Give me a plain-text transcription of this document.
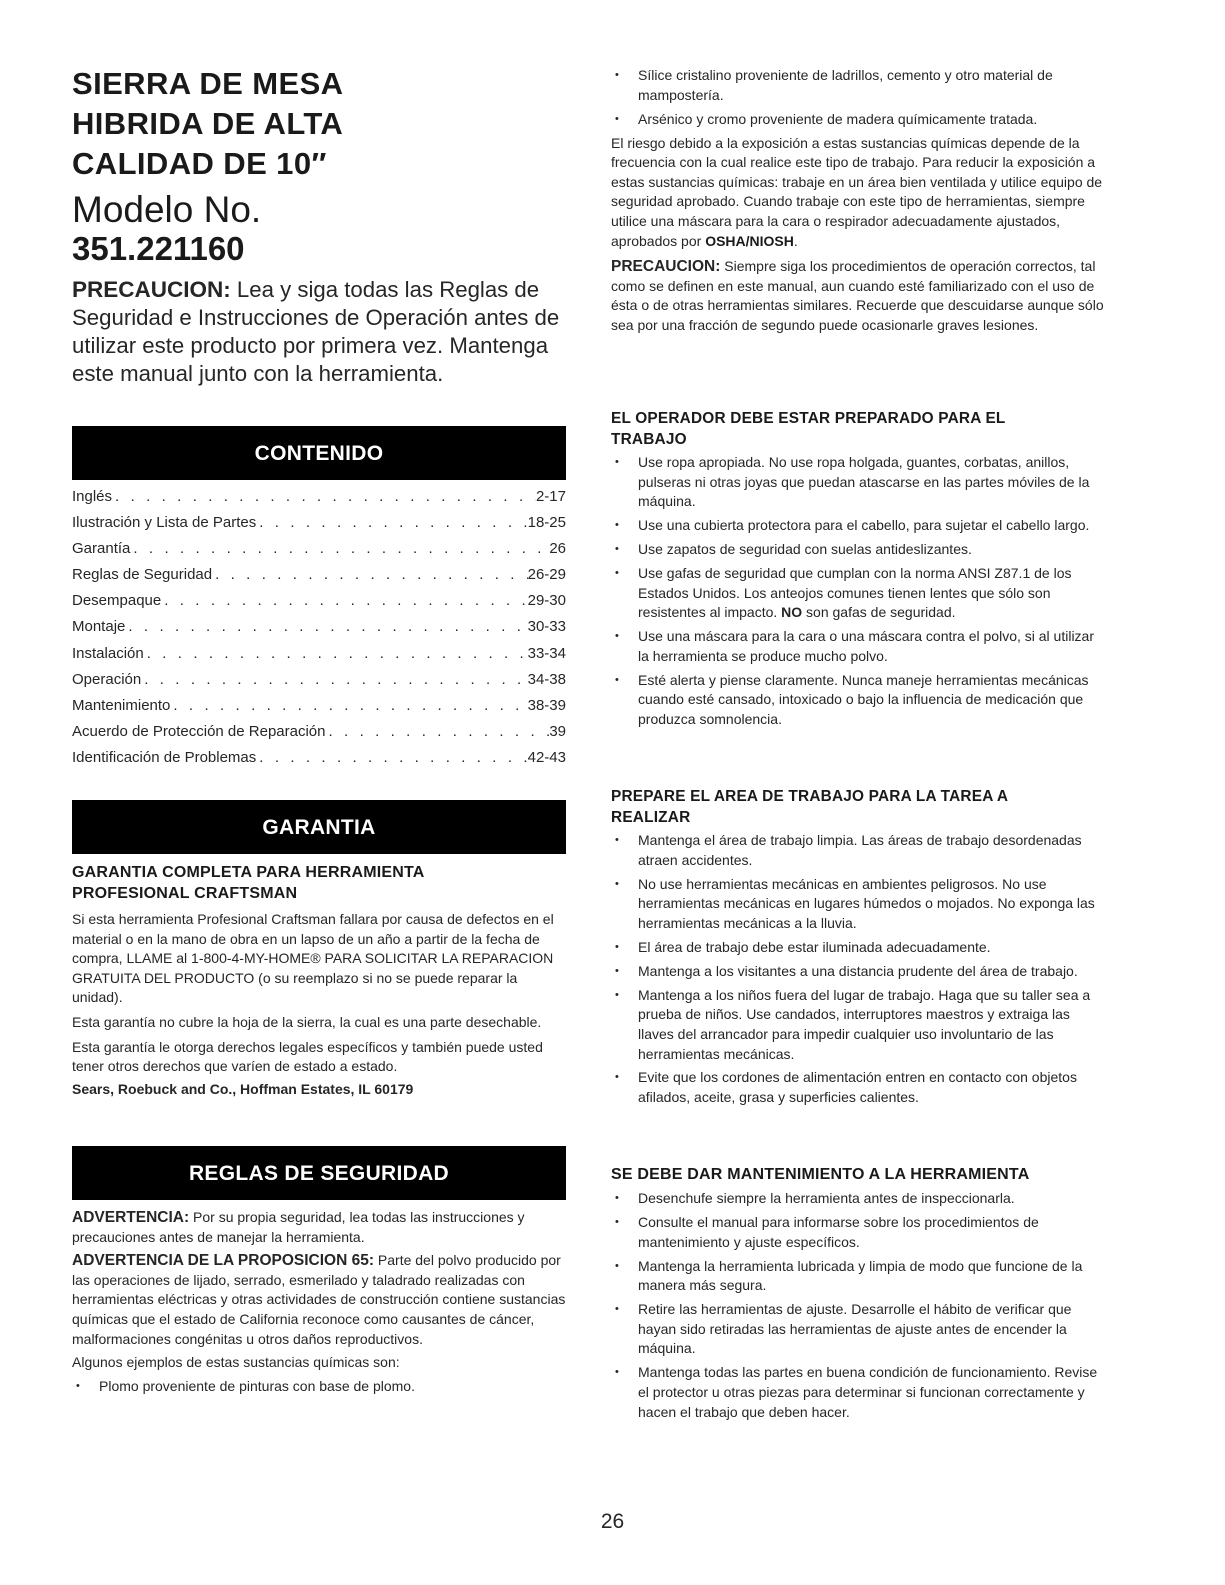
SIERRA DE MESA
HIBRIDA DE ALTA
CALIDAD DE 10″

Modelo No.

351.221160

PRECAUCION: Lea y siga todas las Reglas de Seguridad e Instrucciones de Operación antes de utilizar este producto por primera vez. Mantenga este manual junto con la herramienta.

CONTENIDO
Inglés . . .	2-17
Ilustración y Lista de Partes . . .	18-25
Garantía . . .	26
Reglas de Seguridad . . .	26-29
Desempaque . . .	29-30
Montaje . . .	30-33
Instalación . . .	33-34
Operación . . .	34-38
Mantenimiento . . .	38-39
Acuerdo de Protección de Reparación . . .	39
Identificación de Problemas . . .	42-43
GARANTIA
GARANTIA COMPLETA PARA HERRAMIENTA PROFESIONAL CRAFTSMAN

Si esta herramienta Profesional Craftsman fallara por causa de defectos en el material o en la mano de obra en un lapso de un año a partir de la fecha de compra, LLAME al 1-800-4-MY-HOME® PARA SOLICITAR LA REPARACION GRATUITA DEL PRODUCTO (o su reemplazo si no se puede reparar la unidad).

Esta garantía no cubre la hoja de la sierra, la cual es una parte desechable.

Esta garantía le otorga derechos legales específicos y también puede usted tener otros derechos que varíen de estado a estado.

Sears, Roebuck and Co., Hoffman Estates, IL 60179

REGLAS DE SEGURIDAD

ADVERTENCIA: Por su propia seguridad, lea todas las instrucciones y precauciones antes de manejar la herramienta.

ADVERTENCIA DE LA PROPOSICION 65: Parte del polvo producido por las operaciones de lijado, serrado, esmerilado y taladrado realizadas con herramientas eléctricas y otras actividades de construcción contiene sustancias químicas que el estado de California reconoce como causantes de cáncer, malformaciones congénitas u otros daños reproductivos.

Algunos ejemplos de estas sustancias químicas son:

• Plomo proveniente de pinturas con base de plomo.
• Sílice cristalino proveniente de ladrillos, cemento y otro material de mampostería.
• Arsénico y cromo proveniente de madera químicamente tratada.

El riesgo debido a la exposición a estas sustancias químicas depende de la frecuencia con la cual realice este tipo de trabajo. Para reducir la exposición a estas sustancias químicas: trabaje en un área bien ventilada y utilice equipo de seguridad aprobado. Cuando trabaje con este tipo de herramientas, siempre utilice una máscara para la cara o respirador adecuadamente ajustados, aprobados por OSHA/NIOSH.

PRECAUCION: Siempre siga los procedimientos de operación correctos, tal como se definen en este manual, aun cuando esté familiarizado con el uso de ésta o de otras herramientas similares. Recuerde que descuidarse aunque sólo sea por una fracción de segundo puede ocasionarle graves lesiones.

EL OPERADOR DEBE ESTAR PREPARADO PARA EL TRABAJO
• Use ropa apropiada. No use ropa holgada, guantes, corbatas, anillos, pulseras ni otras joyas que puedan atascarse en las partes móviles de la máquina.
• Use una cubierta protectora para el cabello, para sujetar el cabello largo.
• Use zapatos de seguridad con suelas antideslizantes.
• Use gafas de seguridad que cumplan con la norma ANSI Z87.1 de los Estados Unidos. Los anteojos comunes tienen lentes que sólo son resistentes al impacto. NO son gafas de seguridad.
• Use una máscara para la cara o una máscara contra el polvo, si al utilizar la herramienta se produce mucho polvo.
• Esté alerta y piense claramente. Nunca maneje herramientas mecánicas cuando esté cansado, intoxicado o bajo la influencia de medicación que produzca somnolencia.
PREPARE EL AREA DE TRABAJO PARA LA TAREA A REALIZAR
• Mantenga el área de trabajo limpia. Las áreas de trabajo desordenadas atraen accidentes.
• No use herramientas mecánicas en ambientes peligrosos. No use herramientas mecánicas en lugares húmedos o mojados. No exponga las herramientas mecánicas a la lluvia.
• El área de trabajo debe estar iluminada adecuadamente.
• Mantenga a los visitantes a una distancia prudente del área de trabajo.
• Mantenga a los niños fuera del lugar de trabajo. Haga que su taller sea a prueba de niños. Use candados, interruptores maestros y extraiga las llaves del arrancador para impedir cualquier uso involuntario de las herramientas mecánicas.
• Evite que los cordones de alimentación entren en contacto con objetos afilados, aceite, grasa y superficies calientes.
SE DEBE DAR MANTENIMIENTO A LA HERRAMIENTA
• Desenchufe siempre la herramienta antes de inspeccionarla.
• Consulte el manual para informarse sobre los procedimientos de mantenimiento y ajuste específicos.
• Mantenga la herramienta lubricada y limpia de modo que funcione de la manera más segura.
• Retire las herramientas de ajuste. Desarrolle el hábito de verificar que hayan sido retiradas las herramientas de ajuste antes de encender la máquina.
• Mantenga todas las partes en buena condición de funcionamiento. Revise el protector u otras piezas para determinar si funcionan correctamente y hacen el trabajo que deben hacer.
26
